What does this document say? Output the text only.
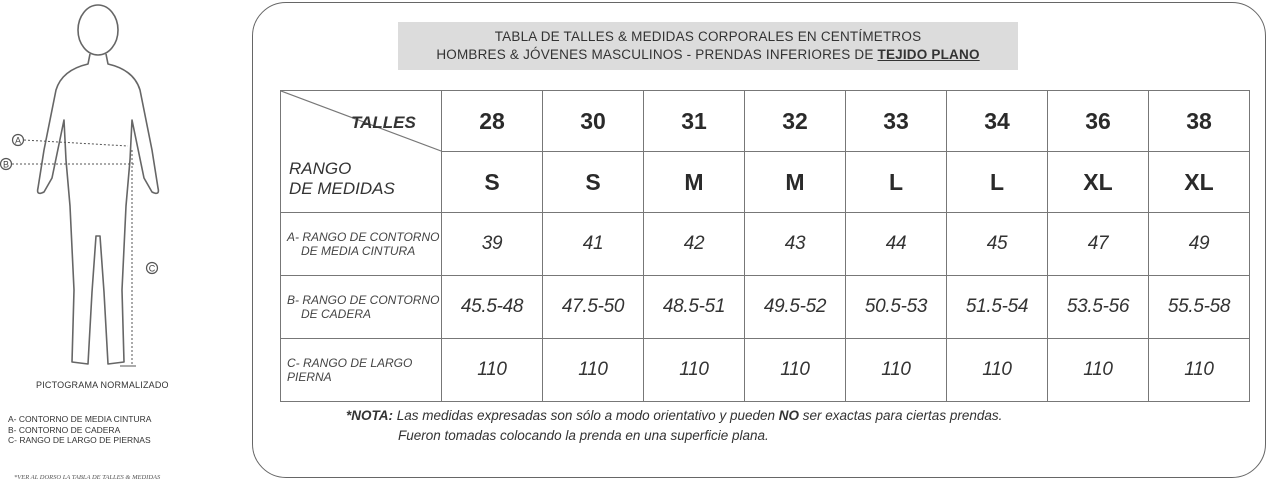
A
B
C
PICTOGRAMA NORMALIZADO
A- CONTORNO DE MEDIA CINTURA
B- CONTORNO DE CADERA
C- RANGO DE LARGO DE PIERNAS
*VER AL DORSO LA TABLA DE TALLES & MEDIDAS
TABLA DE TALLES & MEDIDAS CORPORALES EN CENTÍMETROS
HOMBRES & JÓVENES MASCULINOS - PRENDAS INFERIORES DE TEJIDO PLANO
TALLES
RANGO
DE MEDIDAS	28	30	31	32	33	34	36	38
	S	S	M	M	L	L	XL	XL

A- RANGO DE CONTORNO
DE MEDIA CINTURA	39	41	42	43	44	45	47	49

B- RANGO DE CONTORNO
DE CADERA	45.5-48	47.5-50	48.5-51	49.5-52	50.5-53	51.5-54	53.5-56	55.5-58

C- RANGO DE LARGO
PIERNA	110	110	110	110	110	110	110	110
*NOTA: Las medidas expresadas son sólo a modo orientativo y pueden NO ser exactas para ciertas prendas.
Fueron tomadas colocando la prenda en una superficie plana.
